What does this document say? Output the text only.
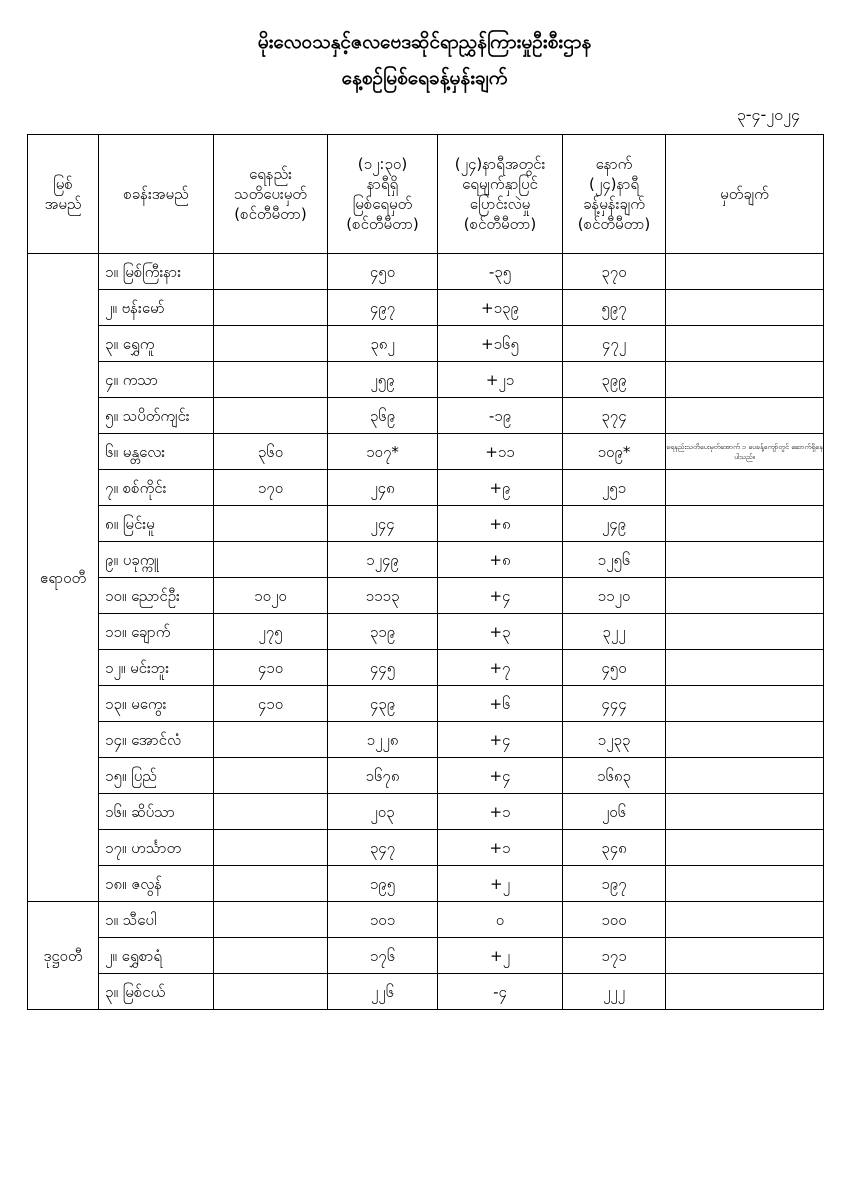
မိုးလေဝသနှင့်ဇလဗေဒဆိုင်ရာညွှန်ကြားမှုဦးစီးဌာန
နေ့စဉ်မြစ်ရေခန့်မှန်းချက်
၃-၄-၂၀၂၄
မြစ်
အမည်	စခန်းအမည်	ရေနည်း
သတိပေးမှတ်
(စင်တီမီတာ)	(၁၂:၃၀)
နာရီရှိ
မြစ်ရေမှတ်
(စင်တီမီတာ)	(၂၄)နာရီအတွင်း
ရေမျက်နှာပြင်
ပြောင်းလဲမှု
(စင်တီမီတာ)	နောက်
(၂၄)နာရီ
ခန့်မှန်းချက်
(စင်တီမီတာ)	မှတ်ချက်

ဧရာဝတီ	၁။ မြစ်ကြီးနား		၄၅၀	-၃၅	၃၇၀	
	၂။ ဗန်းမော်		၄၉၇	+၁၃၉	၅၉၇	
	၃။ ရွှေကူ		၃၈၂	+၁၆၅	၄၇၂	
	၄။ ကသာ		၂၅၉	+၂၁	၃၉၉	
	၅။ သပိတ်ကျင်း		၃၆၉	-၁၉	၃၇၄	
	၆။ မန္တလေး	၃၆၀	၁၀၇*	+၁၁	၁၀၉*	ရေနည်းသတိပေးမှတ်အောက် ၁ ပေခန့်ကျော်တွင် ဆောက်ရှိနေပါသည်။
	၇။ စစ်ကိုင်း	၁၇၀	၂၄၈	+၉	၂၅၁	
	၈။ မြင်းမူ		၂၄၄	+၈	၂၄၉	
	၉။ ပခုက္ကူ		၁၂၄၉	+၈	၁၂၅၆	
	၁၀။ ညောင်ဦး	၁၀၂၀	၁၁၁၃	+၄	၁၁၂၀	
	၁၁။ ချောက်	၂၇၅	၃၁၉	+၃	၃၂၂	
	၁၂။ မင်းဘူး	၄၁၀	၄၄၅	+၇	၄၅၀	
	၁၃။ မကွေး	၄၁၀	၄၃၉	+၆	၄၄၄	
	၁၄။ အောင်လံ		၁၂၂၈	+၄	၁၂၃၃	
	၁၅။ ပြည်		၁၆၇၈	+၄	၁၆၈၃	
	၁၆။ ဆိပ်သာ		၂၀၃	+၁	၂၀၆	
	၁၇။ ဟင်္သာတ		၃၄၇	+၁	၃၄၈	
	၁၈။ ဇလွန်		၁၉၅	+၂	၁၉၇	
ဒုဋ္ဌဝတီ	၁။ သီပေါ		၁၀၁	၀	၁၀၀	
	၂။ ရွှေစာရံ		၁၇၆	+၂	၁၇၁	
	၃။ မြစ်ငယ်		၂၂၆	-၄	၂၂၂	
